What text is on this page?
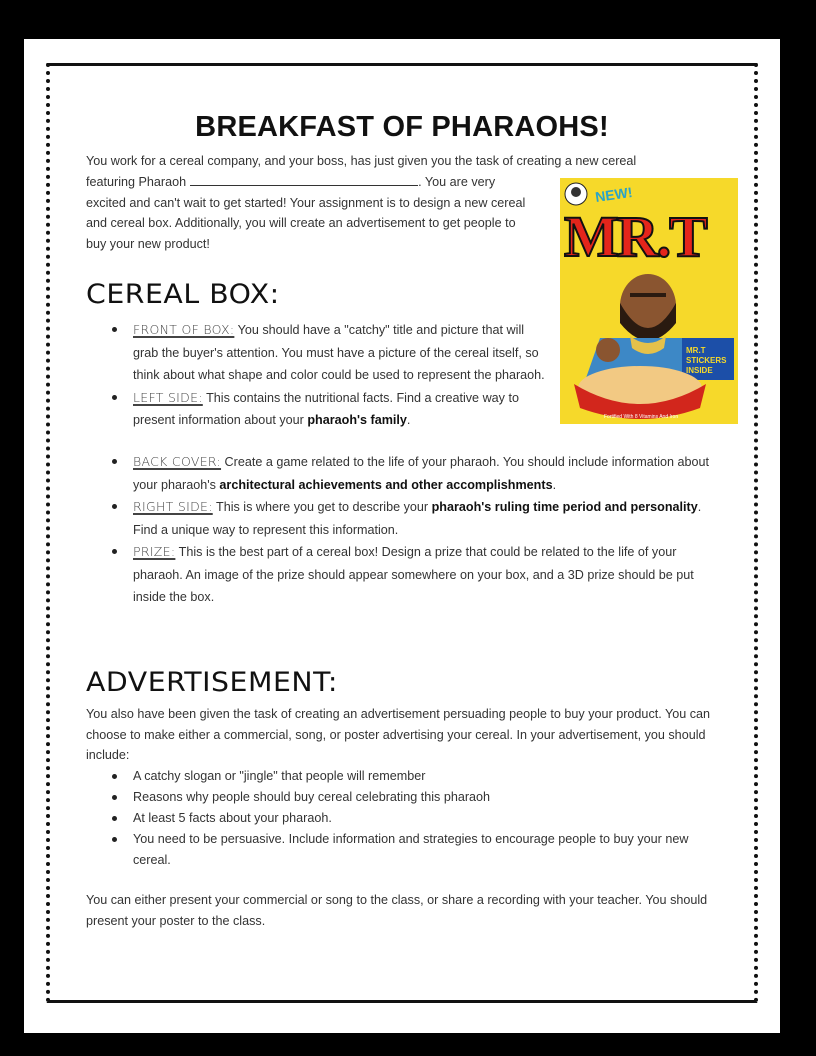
BREAKFAST OF PHARAOHS!
You work for a cereal company, and your boss, has just given you the task of creating a new cereal
featuring Pharaoh	. You are very excited and can't wait to get started! Your assignment is to design a new cereal and cereal box. Additionally, you will create an advertisement to get people to buy your new product!
NEW!
MR.T
MR.T
STICKERS
INSIDE
Fortified With 8 Vitamins And Iron
CEREAL BOX:
FRONT OF BOX: You should have a "catchy" title and picture that will grab the buyer's attention. You must have a picture of the cereal itself, so think about what shape and color could be used to represent the pharaoh.
LEFT SIDE: This contains the nutritional facts. Find a creative way to present information about your pharaoh's family.
BACK COVER: Create a game related to the life of your pharaoh. You should include information about your pharaoh's architectural achievements and other accomplishments.
RIGHT SIDE: This is where you get to describe your pharaoh's ruling time period and personality. Find a unique way to represent this information.
PRIZE: This is the best part of a cereal box! Design a prize that could be related to the life of your pharaoh. An image of the prize should appear somewhere on your box, and a 3D prize should be put inside the box.
ADVERTISEMENT:
You also have been given the task of creating an advertisement persuading people to buy your product. You can choose to make either a commercial, song, or poster advertising your cereal. In your advertisement, you should include:
A catchy slogan or "jingle" that people will remember
Reasons why people should buy cereal celebrating this pharaoh
At least 5 facts about your pharaoh.
You need to be persuasive. Include information and strategies to encourage people to buy your new cereal.
You can either present your commercial or song to the class, or share a recording with your teacher. You should present your poster to the class.
